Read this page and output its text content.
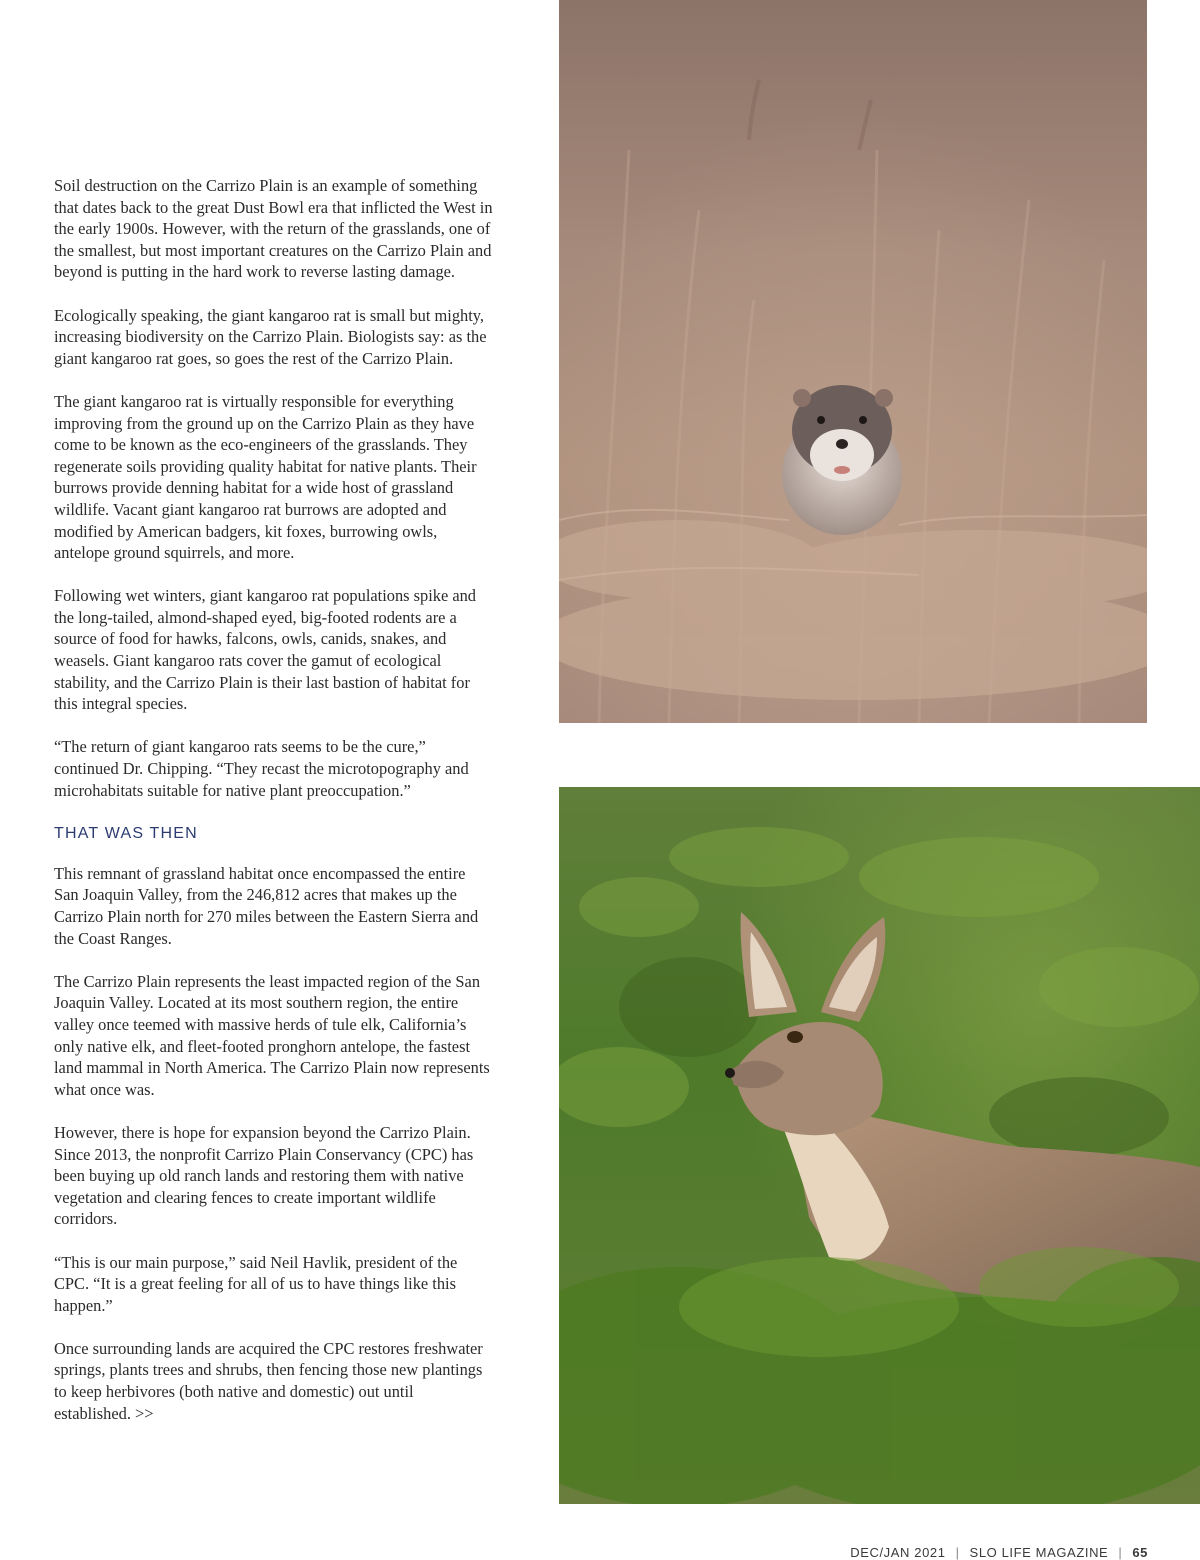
Soil destruction on the Carrizo Plain is an example of something that dates back to the great Dust Bowl era that inflicted the West in the early 1900s. However, with the return of the grasslands, one of the smallest, but most important creatures on the Carrizo Plain and beyond is putting in the hard work to reverse lasting damage.

Ecologically speaking, the giant kangaroo rat is small but mighty, increasing biodiversity on the Carrizo Plain. Biologists say: as the giant kangaroo rat goes, so goes the rest of the Carrizo Plain.

The giant kangaroo rat is virtually responsible for everything improving from the ground up on the Carrizo Plain as they have come to be known as the eco-engineers of the grasslands. They regenerate soils providing quality habitat for native plants. Their burrows provide denning habitat for a wide host of grassland wildlife. Vacant giant kangaroo rat burrows are adopted and modified by American badgers, kit foxes, burrowing owls, antelope ground squirrels, and more.

Following wet winters, giant kangaroo rat populations spike and the long-tailed, almond-shaped eyed, big-footed rodents are a source of food for hawks, falcons, owls, canids, snakes, and weasels. Giant kangaroo rats cover the gamut of ecological stability, and the Carrizo Plain is their last bastion of habitat for this integral species.

“The return of giant kangaroo rats seems to be the cure,” continued Dr. Chipping. “They recast the microtopography and microhabitats suitable for native plant preoccupation.”

THAT WAS THEN

This remnant of grassland habitat once encompassed the entire San Joaquin Valley, from the 246,812 acres that makes up the Carrizo Plain north for 270 miles between the Eastern Sierra and the Coast Ranges.

The Carrizo Plain represents the least impacted region of the San Joaquin Valley. Located at its most southern region, the entire valley once teemed with massive herds of tule elk, California’s only native elk, and fleet-footed pronghorn antelope, the fastest land mammal in North America. The Carrizo Plain now represents what once was.

However, there is hope for expansion beyond the Carrizo Plain. Since 2013, the nonprofit Carrizo Plain Conservancy (CPC) has been buying up old ranch lands and restoring them with native vegetation and clearing fences to create important wildlife corridors.

“This is our main purpose,” said Neil Havlik, president of the CPC. “It is a great feeling for all of us to have things like this happen.”

Once surrounding lands are acquired the CPC restores freshwater springs, plants trees and shrubs, then fencing those new plantings to keep herbivores (both native and domestic) out until established. >>

DEC/JAN 2021 | SLO LIFE MAGAZINE | 65
